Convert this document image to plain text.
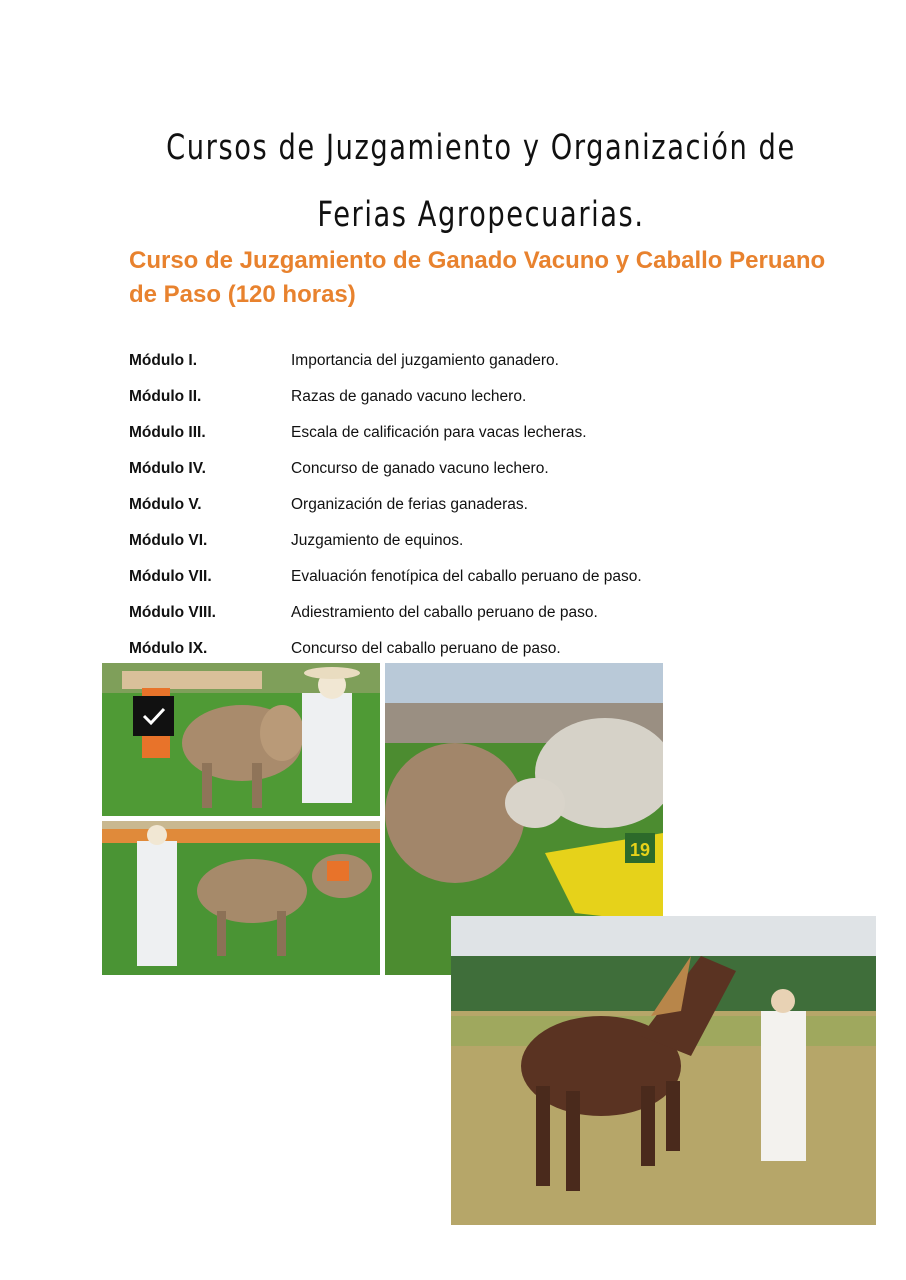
Cursos de Juzgamiento y Organización de
Ferias Agropecuarias.
Curso de Juzgamiento de Ganado Vacuno y Caballo Peruano de Paso (120 horas)
Módulo I.	Importancia del juzgamiento ganadero.
Módulo II.	Razas de ganado vacuno lechero.
Módulo III.	Escala de calificación para vacas lecheras.
Módulo IV.	Concurso de ganado vacuno lechero.
Módulo V.	Organización de ferias ganaderas.
Módulo VI.	Juzgamiento de equinos.
Módulo VII.	Evaluación fenotípica del caballo peruano de paso.
Módulo VIII.	Adiestramiento del caballo peruano de paso.
Módulo IX.	Concurso del caballo peruano de paso.
19
